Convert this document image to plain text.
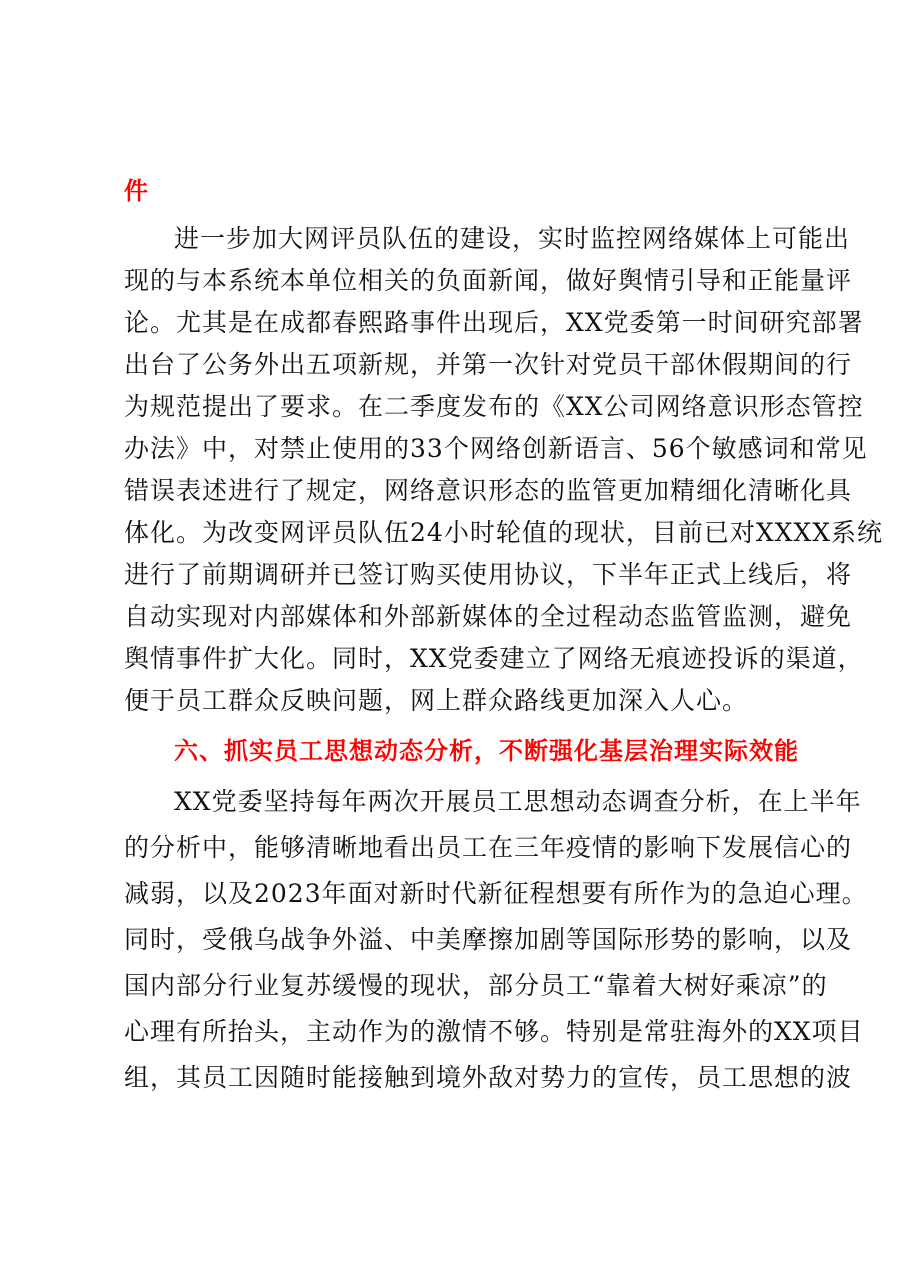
件
进一步加大网评员队伍的建设，实时监控网络媒体上可能出
现的与本系统本单位相关的负面新闻，做好舆情引导和正能量评
论。尤其是在成都春熙路事件出现后，XX党委第一时间研究部署
出台了公务外出五项新规，并第一次针对党员干部休假期间的行
为规范提出了要求。在二季度发布的《XX公司网络意识形态管控
办法》中，对禁止使用的33个网络创新语言、56个敏感词和常见
错误表述进行了规定，网络意识形态的监管更加精细化清晰化具
体化。为改变网评员队伍24小时轮值的现状，目前已对XXXX系统
进行了前期调研并已签订购买使用协议，下半年正式上线后，将
自动实现对内部媒体和外部新媒体的全过程动态监管监测，避免
舆情事件扩大化。同时，XX党委建立了网络无痕迹投诉的渠道，
便于员工群众反映问题，网上群众路线更加深入人心。
六、抓实员工思想动态分析，不断强化基层治理实际效能
XX党委坚持每年两次开展员工思想动态调查分析，在上半年
的分析中，能够清晰地看出员工在三年疫情的影响下发展信心的
减弱，以及2023年面对新时代新征程想要有所作为的急迫心理。
同时，受俄乌战争外溢、中美摩擦加剧等国际形势的影响，以及
国内部分行业复苏缓慢的现状，部分员工“靠着大树好乘凉”的
心理有所抬头，主动作为的激情不够。特别是常驻海外的XX项目
组，其员工因随时能接触到境外敌对势力的宣传，员工思想的波
